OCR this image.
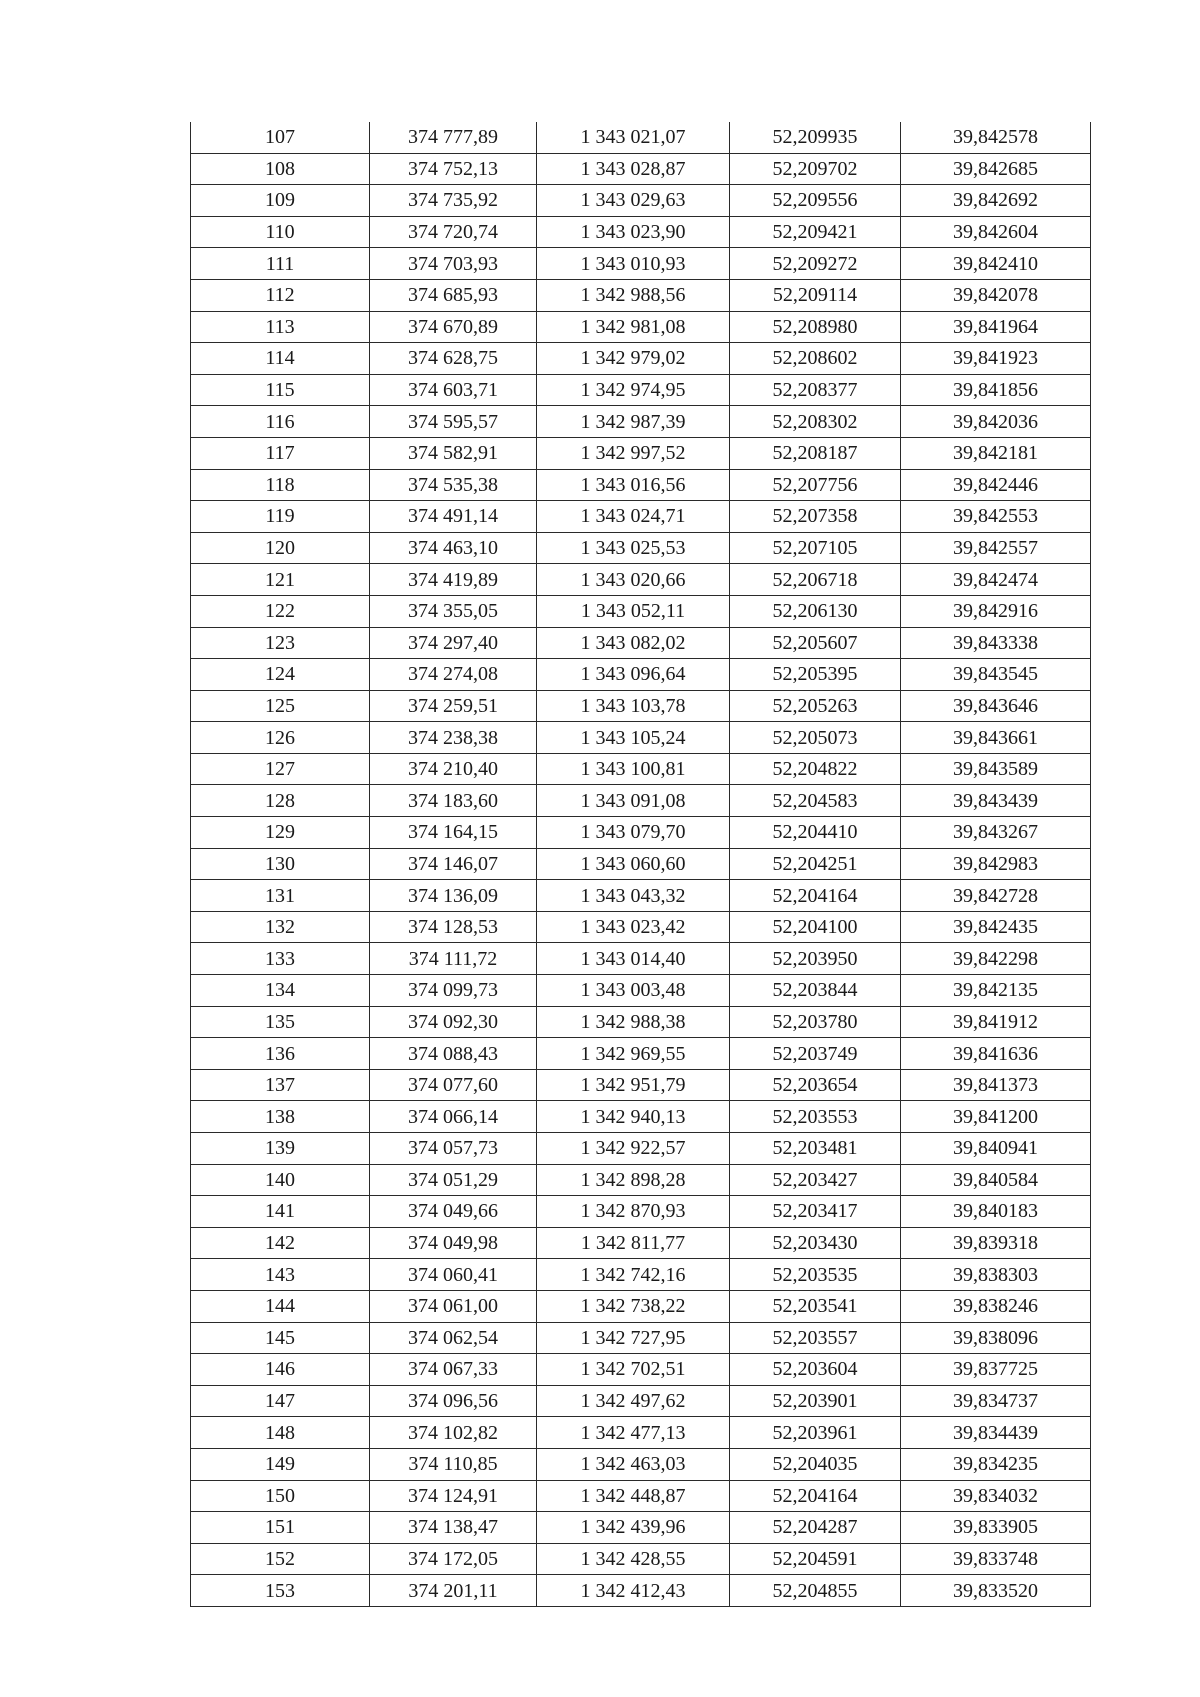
107	374 777,89	1 343 021,07	52,209935	39,842578
108	374 752,13	1 343 028,87	52,209702	39,842685
109	374 735,92	1 343 029,63	52,209556	39,842692
110	374 720,74	1 343 023,90	52,209421	39,842604
111	374 703,93	1 343 010,93	52,209272	39,842410
112	374 685,93	1 342 988,56	52,209114	39,842078
113	374 670,89	1 342 981,08	52,208980	39,841964
114	374 628,75	1 342 979,02	52,208602	39,841923
115	374 603,71	1 342 974,95	52,208377	39,841856
116	374 595,57	1 342 987,39	52,208302	39,842036
117	374 582,91	1 342 997,52	52,208187	39,842181
118	374 535,38	1 343 016,56	52,207756	39,842446
119	374 491,14	1 343 024,71	52,207358	39,842553
120	374 463,10	1 343 025,53	52,207105	39,842557
121	374 419,89	1 343 020,66	52,206718	39,842474
122	374 355,05	1 343 052,11	52,206130	39,842916
123	374 297,40	1 343 082,02	52,205607	39,843338
124	374 274,08	1 343 096,64	52,205395	39,843545
125	374 259,51	1 343 103,78	52,205263	39,843646
126	374 238,38	1 343 105,24	52,205073	39,843661
127	374 210,40	1 343 100,81	52,204822	39,843589
128	374 183,60	1 343 091,08	52,204583	39,843439
129	374 164,15	1 343 079,70	52,204410	39,843267
130	374 146,07	1 343 060,60	52,204251	39,842983
131	374 136,09	1 343 043,32	52,204164	39,842728
132	374 128,53	1 343 023,42	52,204100	39,842435
133	374 111,72	1 343 014,40	52,203950	39,842298
134	374 099,73	1 343 003,48	52,203844	39,842135
135	374 092,30	1 342 988,38	52,203780	39,841912
136	374 088,43	1 342 969,55	52,203749	39,841636
137	374 077,60	1 342 951,79	52,203654	39,841373
138	374 066,14	1 342 940,13	52,203553	39,841200
139	374 057,73	1 342 922,57	52,203481	39,840941
140	374 051,29	1 342 898,28	52,203427	39,840584
141	374 049,66	1 342 870,93	52,203417	39,840183
142	374 049,98	1 342 811,77	52,203430	39,839318
143	374 060,41	1 342 742,16	52,203535	39,838303
144	374 061,00	1 342 738,22	52,203541	39,838246
145	374 062,54	1 342 727,95	52,203557	39,838096
146	374 067,33	1 342 702,51	52,203604	39,837725
147	374 096,56	1 342 497,62	52,203901	39,834737
148	374 102,82	1 342 477,13	52,203961	39,834439
149	374 110,85	1 342 463,03	52,204035	39,834235
150	374 124,91	1 342 448,87	52,204164	39,834032
151	374 138,47	1 342 439,96	52,204287	39,833905
152	374 172,05	1 342 428,55	52,204591	39,833748
153	374 201,11	1 342 412,43	52,204855	39,833520
